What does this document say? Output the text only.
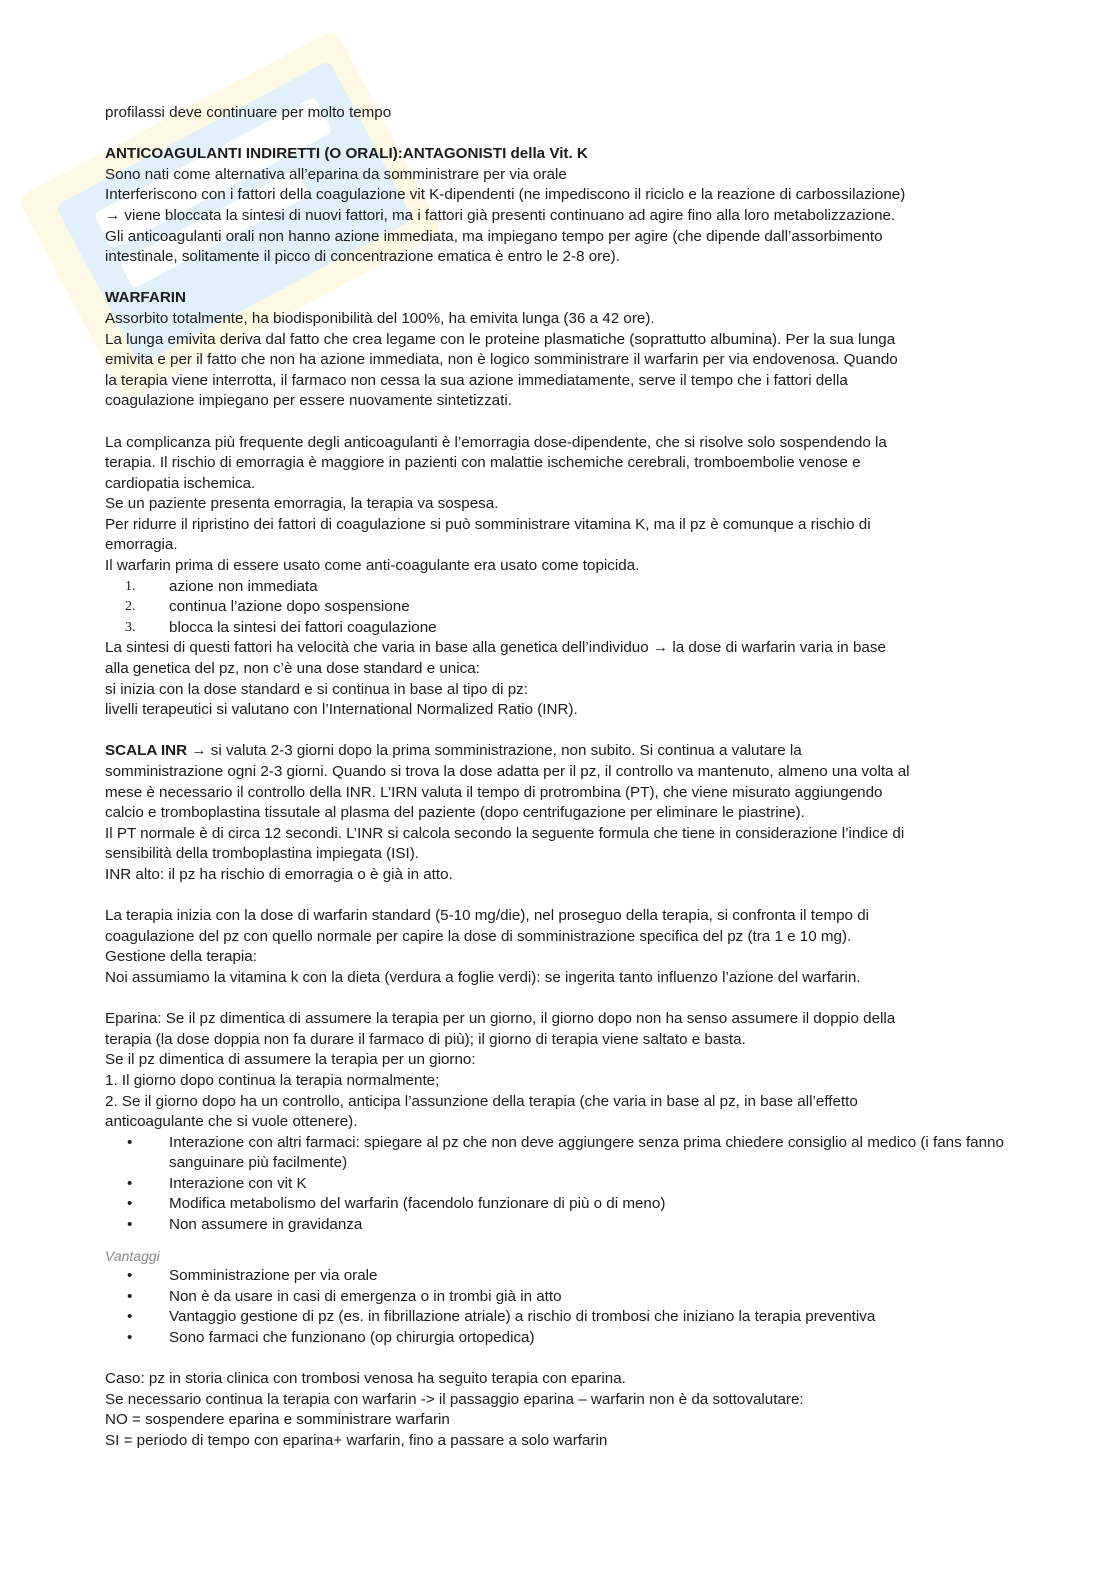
profilassi deve continuare per molto tempo

ANTICOAGULANTI INDIRETTI (O ORALI):ANTAGONISTI della Vit. K

Sono nati come alternativa all’eparina da somministrare per via orale

Interferiscono con i fattori della coagulazione vit K-dipendenti (ne impediscono il riciclo e la reazione di carbossilazione)

→ viene bloccata la sintesi di nuovi fattori, ma i fattori già presenti continuano ad agire fino alla loro metabolizzazione.

Gli anticoagulanti orali non hanno azione immediata, ma impiegano tempo per agire (che dipende dall’assorbimento

intestinale, solitamente il picco di concentrazione ematica è entro le 2-8 ore).

WARFARIN

Assorbito totalmente, ha biodisponibilità del 100%, ha emivita lunga (36 a 42 ore).

La lunga emivita deriva dal fatto che crea legame con le proteine plasmatiche (soprattutto albumina). Per la sua lunga

emivita e per il fatto che non ha azione immediata, non è logico somministrare il warfarin per via endovenosa. Quando

la terapia viene interrotta, il farmaco non cessa la sua azione immediatamente, serve il tempo che i fattori della

coagulazione impiegano per essere nuovamente sintetizzati.

La complicanza più frequente degli anticoagulanti è l’emorragia dose-dipendente, che si risolve solo sospendendo la

terapia. Il rischio di emorragia è maggiore in pazienti con malattie ischemiche cerebrali, tromboembolie venose e

cardiopatia ischemica.

Se un paziente presenta emorragia, la terapia va sospesa.

Per ridurre il ripristino dei fattori di coagulazione si può somministrare vitamina K, ma il pz è comunque a rischio di

emorragia.

Il warfarin prima di essere usato come anti-coagulante era usato come topicida.

1.	azione non immediata
2.	continua l’azione dopo sospensione
3.	blocca la sintesi dei fattori coagulazione

La sintesi di questi fattori ha velocità che varia in base alla genetica dell’individuo → la dose di warfarin varia in base

alla genetica del pz, non c’è una dose standard e unica:

si inizia con la dose standard e si continua in base al tipo di pz:

livelli terapeutici si valutano con l’International Normalized Ratio (INR).

SCALA INR → si valuta 2-3 giorni dopo la prima somministrazione, non subito. Si continua a valutare la

somministrazione ogni 2-3 giorni. Quando si trova la dose adatta per il pz, il controllo va mantenuto, almeno una volta al

mese è necessario il controllo della INR. L’IRN valuta il tempo di protrombina (PT), che viene misurato aggiungendo

calcio e tromboplastina tissutale al plasma del paziente (dopo centrifugazione per eliminare le piastrine).

Il PT normale è di circa 12 secondi. L’INR si calcola secondo la seguente formula che tiene in considerazione l’indice di

sensibilità della tromboplastina impiegata (ISI).

INR alto: il pz ha rischio di emorragia o è già in atto.

La terapia inizia con la dose di warfarin standard (5-10 mg/die), nel proseguo della terapia, si confronta il tempo di

coagulazione del pz con quello normale per capire la dose di somministrazione specifica del pz (tra 1 e 10 mg).

Gestione della terapia:

Noi assumiamo la vitamina k con la dieta (verdura a foglie verdi): se ingerita tanto influenzo l’azione del warfarin.

Eparina: Se il pz dimentica di assumere la terapia per un giorno, il giorno dopo non ha senso assumere il doppio della

terapia (la dose doppia non fa durare il farmaco di più); il giorno di terapia viene saltato e basta.

Se il pz dimentica di assumere la terapia per un giorno:

1. Il giorno dopo continua la terapia normalmente;

2. Se il giorno dopo ha un controllo, anticipa l’assunzione della terapia (che varia in base al pz, in base all’effetto

anticoagulante che si vuole ottenere).

•	Interazione con altri farmaci: spiegare al pz che non deve aggiungere senza prima chiedere consiglio al medico (i fans fanno sanguinare più facilmente)
•	Interazione con vit K
•	Modifica metabolismo del warfarin (facendolo funzionare di più o di meno)
•	Non assumere in gravidanza

Vantaggi

•	Somministrazione per via orale
•	Non è da usare in casi di emergenza o in trombi già in atto
•	Vantaggio gestione di pz (es. in fibrillazione atriale) a rischio di trombosi che iniziano la terapia preventiva
•	Sono farmaci che funzionano (op chirurgia ortopedica)

Caso: pz in storia clinica con trombosi venosa ha seguito terapia con eparina.

Se necessario continua la terapia con warfarin -> il passaggio eparina – warfarin non è da sottovalutare:

NO = sospendere eparina e somministrare warfarin

SI = periodo di tempo con eparina+ warfarin, fino a passare a solo warfarin
